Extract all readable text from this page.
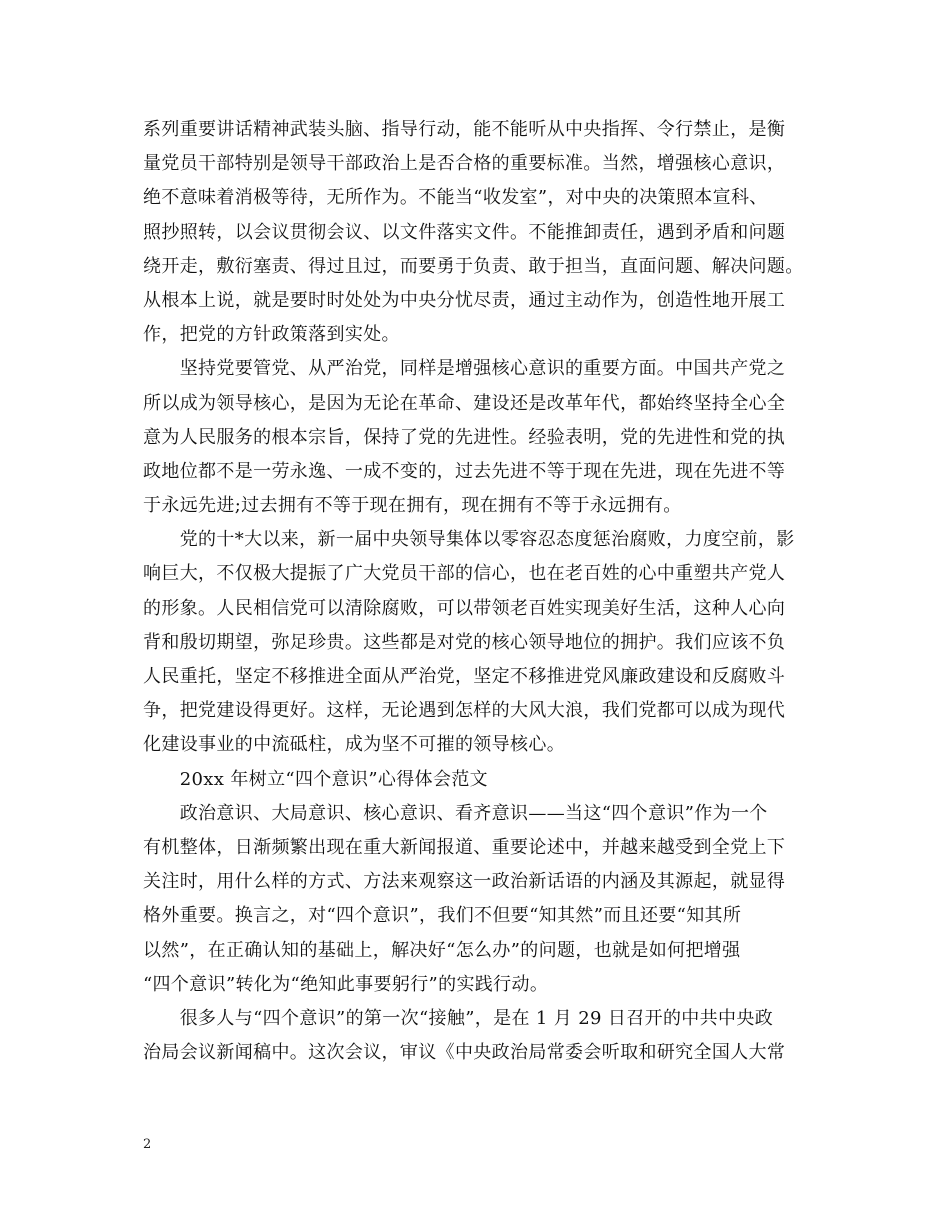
系列重要讲话精神武装头脑、指导行动，能不能听从中央指挥、令行禁止，是衡
量党员干部特别是领导干部政治上是否合格的重要标准。当然，增强核心意识，
绝不意味着消极等待，无所作为。不能当“收发室”，对中央的决策照本宣科、
照抄照转，以会议贯彻会议、以文件落实文件。不能推卸责任，遇到矛盾和问题
绕开走，敷衍塞责、得过且过，而要勇于负责、敢于担当，直面问题、解决问题。
从根本上说，就是要时时处处为中央分忧尽责，通过主动作为，创造性地开展工
作，把党的方针政策落到实处。
　　坚持党要管党、从严治党，同样是增强核心意识的重要方面。中国共产党之
所以成为领导核心，是因为无论在革命、建设还是改革年代，都始终坚持全心全
意为人民服务的根本宗旨，保持了党的先进性。经验表明，党的先进性和党的执
政地位都不是一劳永逸、一成不变的，过去先进不等于现在先进，现在先进不等
于永远先进;过去拥有不等于现在拥有，现在拥有不等于永远拥有。
　　党的十*大以来，新一届中央领导集体以零容忍态度惩治腐败，力度空前，影
响巨大，不仅极大提振了广大党员干部的信心，也在老百姓的心中重塑共产党人
的形象。人民相信党可以清除腐败，可以带领老百姓实现美好生活，这种人心向
背和殷切期望，弥足珍贵。这些都是对党的核心领导地位的拥护。我们应该不负
人民重托，坚定不移推进全面从严治党，坚定不移推进党风廉政建设和反腐败斗
争，把党建设得更好。这样，无论遇到怎样的大风大浪，我们党都可以成为现代
化建设事业的中流砥柱，成为坚不可摧的领导核心。
　　20xx 年树立“四个意识”心得体会范文
　　政治意识、大局意识、核心意识、看齐意识——当这“四个意识”作为一个
有机整体，日渐频繁出现在重大新闻报道、重要论述中，并越来越受到全党上下
关注时，用什么样的方式、方法来观察这一政治新话语的内涵及其源起，就显得
格外重要。换言之，对“四个意识”，我们不但要“知其然”而且还要“知其所
以然”，在正确认知的基础上，解决好“怎么办”的问题，也就是如何把增强
“四个意识”转化为“绝知此事要躬行”的实践行动。
　　很多人与“四个意识”的第一次“接触”，是在 1 月 29 日召开的中共中央政
治局会议新闻稿中。这次会议，审议《中央政治局常委会听取和研究全国人大常
2
